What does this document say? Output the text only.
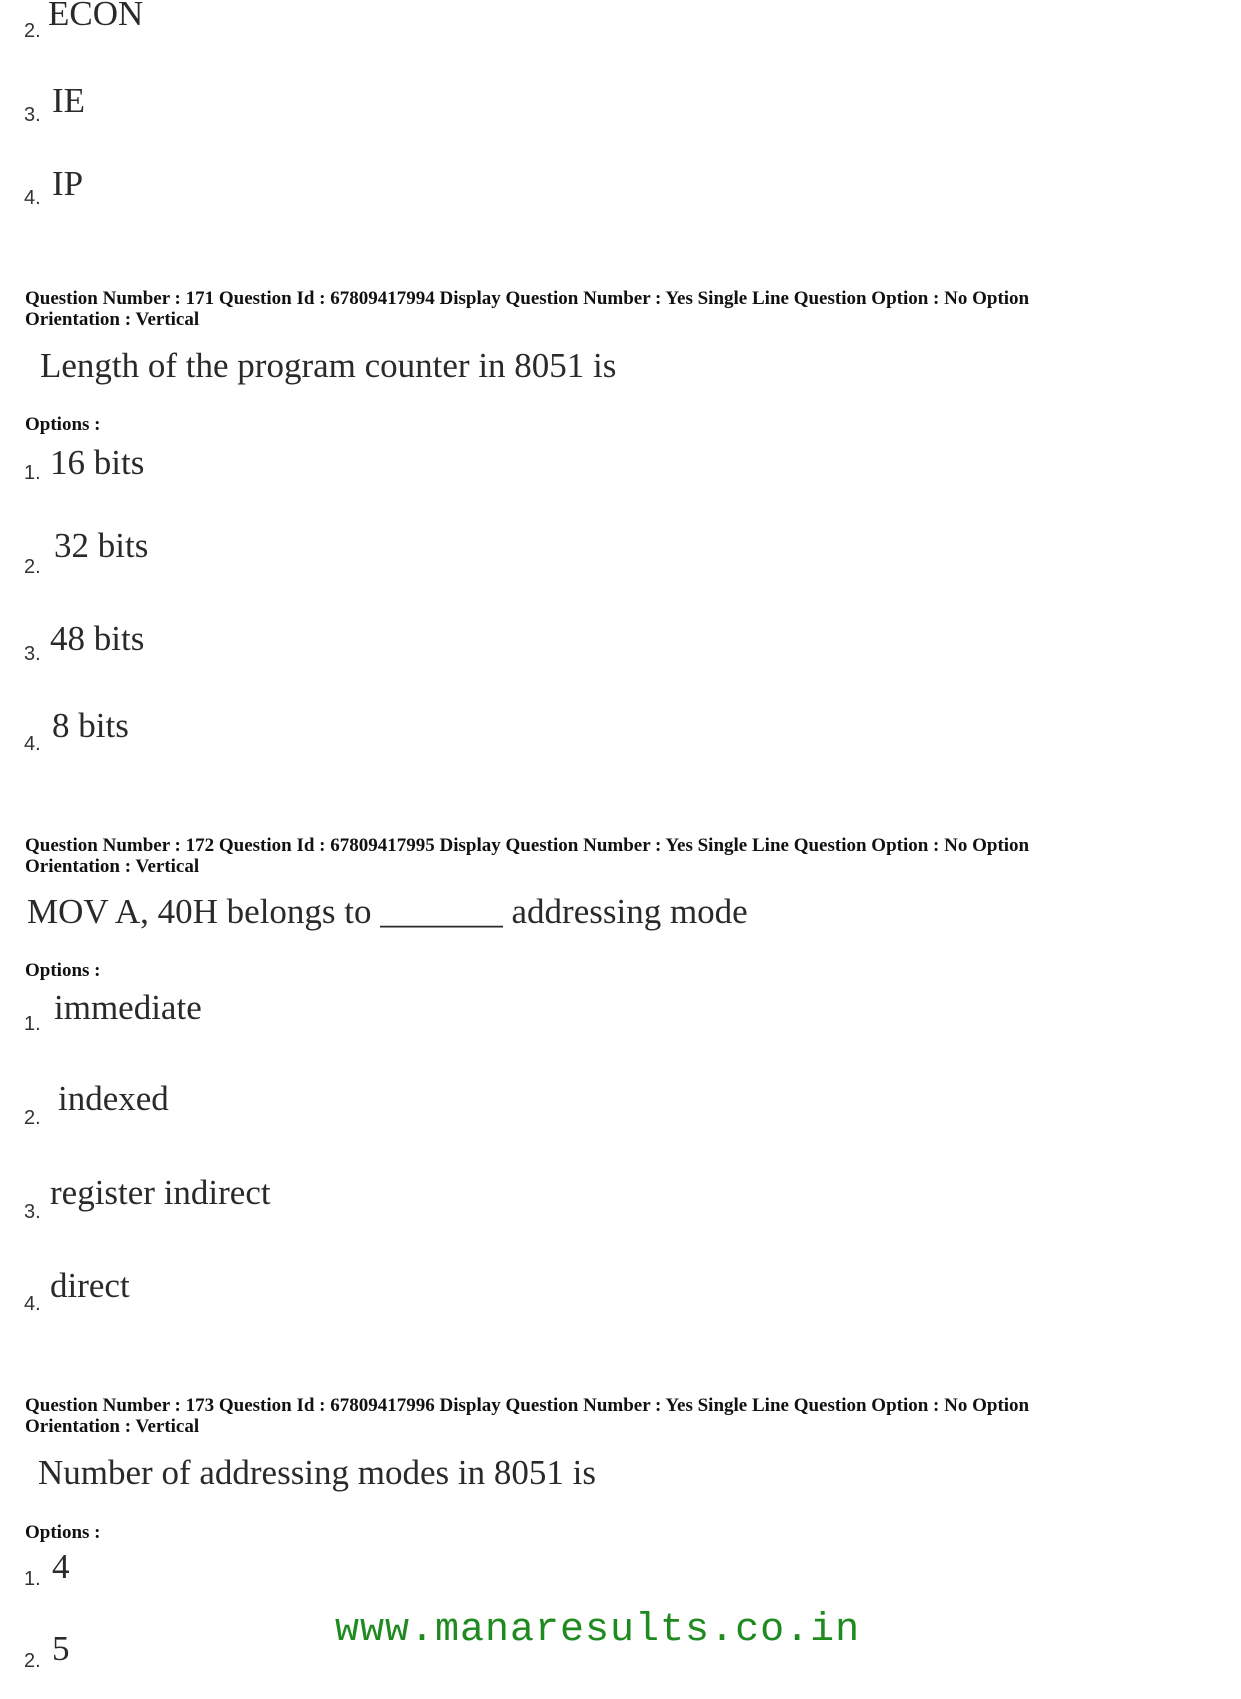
2. ECON
3. IE
4. IP
Question Number : 171 Question Id : 67809417994 Display Question Number : Yes Single Line Question Option : No Option
Orientation : Vertical
Length of the program counter in 8051 is
Options :
1. 16 bits
2.
32 bits
3. 48 bits
4. 8 bits
Question Number : 172 Question Id : 67809417995 Display Question Number : Yes Single Line Question Option : No Option
Orientation : Vertical
MOV A, 40H belongs to _______ addressing mode
Options :
1. immediate
2. indexed
3. register indirect
4. direct
Question Number : 173 Question Id : 67809417996 Display Question Number : Yes Single Line Question Option : No Option
Orientation : Vertical
Number of addressing modes in 8051 is
Options :
1. 4
2. 5	www.manaresults.co.in
